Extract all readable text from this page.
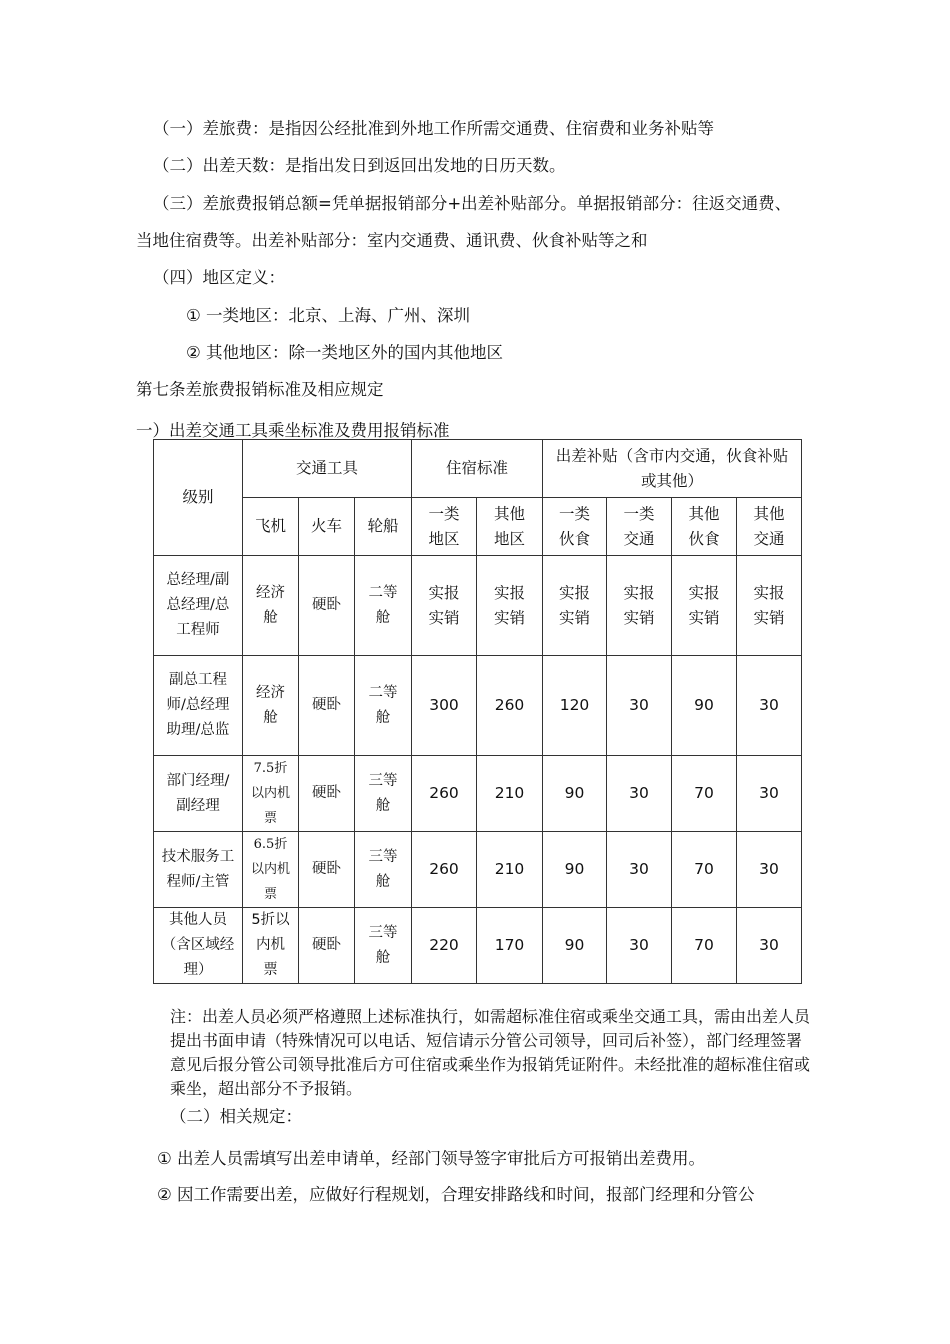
（一）差旅费：是指因公经批准到外地工作所需交通费、住宿费和业务补贴等
（二）出差天数：是指出发日到返回出发地的日历天数。
（三）差旅费报销总额=凭单据报销部分+出差补贴部分。单据报销部分：往返交通费、
当地住宿费等。出差补贴部分：室内交通费、通讯费、伙食补贴等之和
（四）地区定义：
① 一类地区：北京、上海、广州、深圳
② 其他地区：除一类地区外的国内其他地区
第七条差旅费报销标准及相应规定
一）出差交通工具乘坐标准及费用报销标准
级别	交通工具			住宿标准		出差补贴（含市内交通，伙食补贴或其他）			
	飞机	火车	轮船	一类地区	其他地区	一类伙食	一类交通	其他伙食	其他交通
总经理/副总经理/总工程师	经济舱	硬卧	二等舱	实报实销	实报实销	实报实销	实报实销	实报实销	实报实销
副总工程师/总经理助理/总监	经济舱	硬卧	二等舱	300	260	120	30	90	30
部门经理/副经理	7.5折以内机票	硬卧	三等舱	260	210	90	30	70	30
技术服务工程师/主管	6.5折以内机票	硬卧	三等舱	260	210	90	30	70	30
其他人员（含区域经理）	5折以内机票	硬卧	三等舱	220	170	90	30	70	30
注：出差人员必须严格遵照上述标准执行，如需超标准住宿或乘坐交通工具，需由出差人员提出书面申请（特殊情况可以电话、短信请示分管公司领导，回司后补签），部门经理签署意见后报分管公司领导批准后方可住宿或乘坐作为报销凭证附件。未经批准的超标准住宿或乘坐，超出部分不予报销。
（二）相关规定：
① 出差人员需填写出差申请单，经部门领导签字审批后方可报销出差费用。
② 因工作需要出差，应做好行程规划，合理安排路线和时间，报部门经理和分管公
